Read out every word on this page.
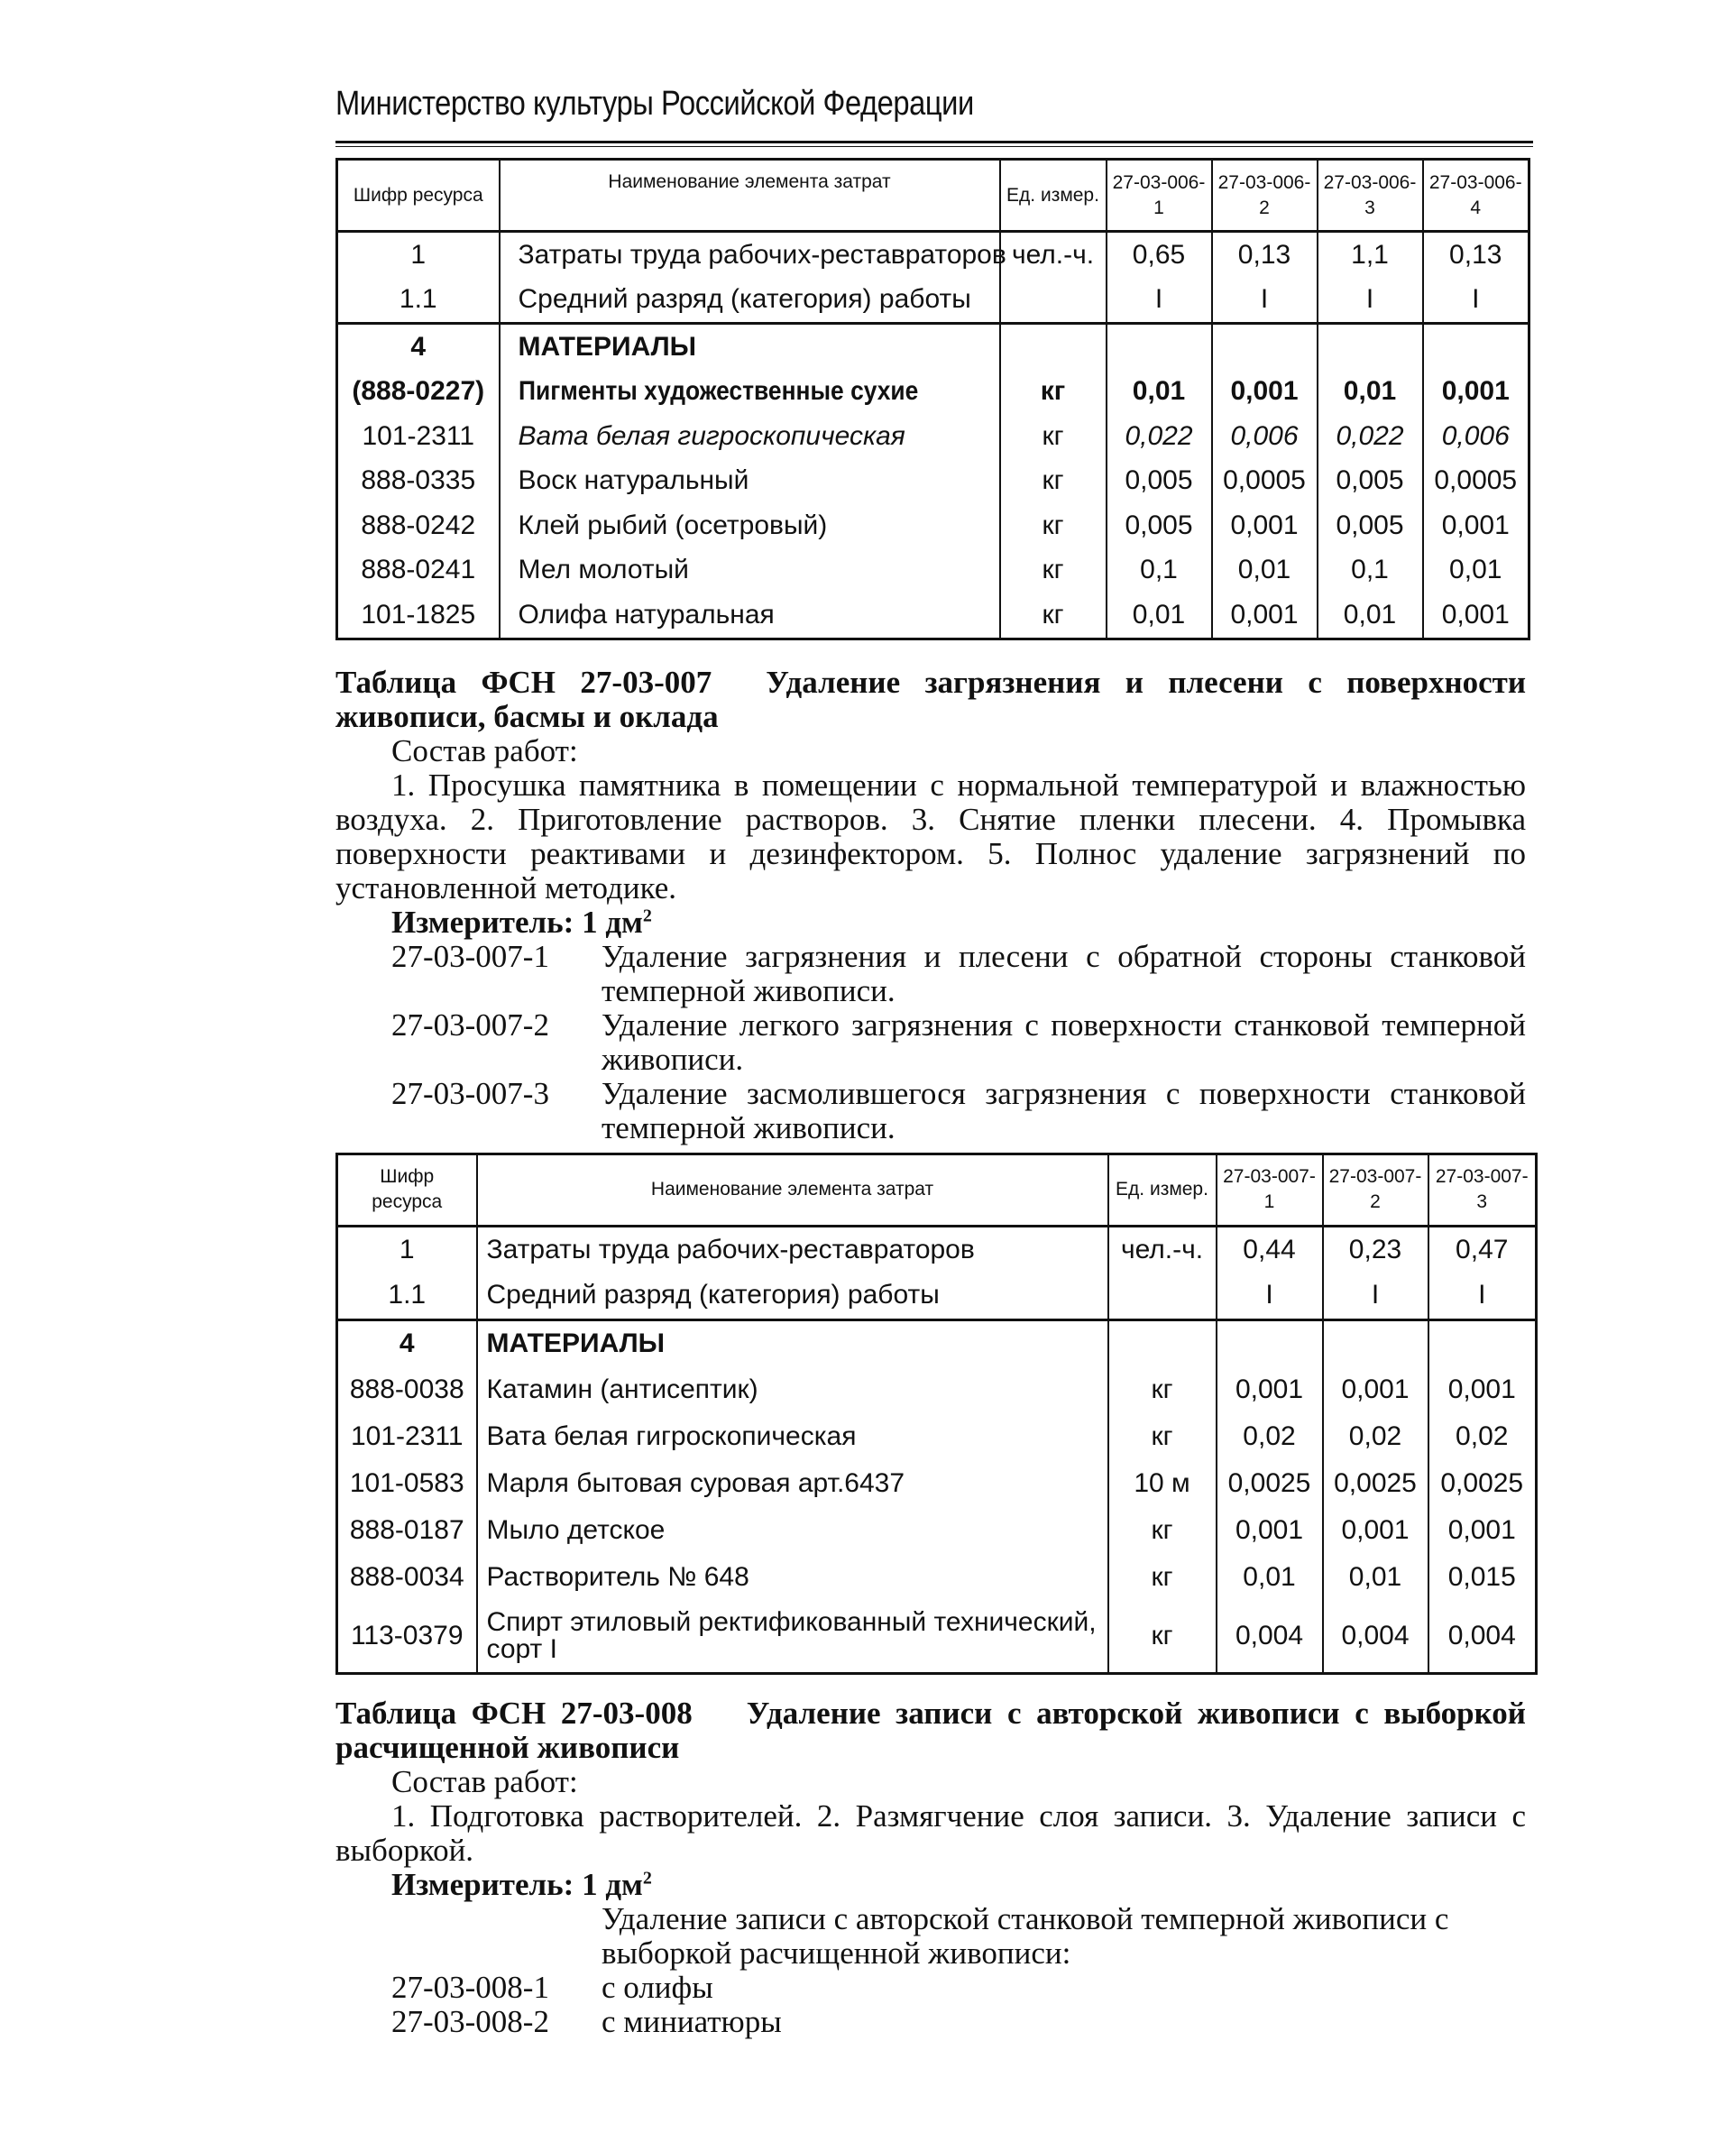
Министерство культуры Российской Федерации
Шифр ресурса	Наименование элемента затрат	Ед. измер.	27-03-006-1	27-03-006-2	27-03-006-3	27-03-006-4
1	Затраты труда рабочих-реставраторов	чел.-ч.	0,65	0,13	1,1	0,13
1.1	Средний разряд (категория) работы		I	I	I	I
4	МАТЕРИАЛЫ					
(888-0227)	Пигменты художественные сухие	кг	0,01	0,001	0,01	0,001
101-2311	Вата белая гигроскопическая	кг	0,022	0,006	0,022	0,006
888-0335	Воск натуральный	кг	0,005	0,0005	0,005	0,0005
888-0242	Клей рыбий (осетровый)	кг	0,005	0,001	0,005	0,001
888-0241	Мел молотый	кг	0,1	0,01	0,1	0,01
101-1825	Олифа натуральная	кг	0,01	0,001	0,01	0,001
Таблица ФСН 27-03-007 Удаление загрязнения и плесени с поверхности живописи, басмы и оклада
Состав работ:
1. Просушка памятника в помещении с нормальной температурой и влажностью воздуха. 2. Приготовление растворов. 3. Снятие пленки плесени. 4. Промывка поверхности реактивами и дезинфектором. 5. Полнос удаление загрязнений по установленной методике.
Измеритель: 1 $дм^2$
27-03-007-1	Удаление загрязнения и плесени с обратной стороны станковой темперной живописи.
27-03-007-2	Удаление легкого загрязнения с поверхности станковой темперной живописи.
27-03-007-3	Удаление засмолившегося загрязнения с поверхности станковой темперной живописи.
Шифр ресурса	Наименование элемента затрат	Ед. измер.	27-03-007-1	27-03-007-2	27-03-007-3
1	Затраты труда рабочих-реставраторов	чел.-ч.	0,44	0,23	0,47
1.1	Средний разряд (категория) работы		I	I	I
4	МАТЕРИАЛЫ				
888-0038	Катамин (антисептик)	кг	0,001	0,001	0,001
101-2311	Вата белая гигроскопическая	кг	0,02	0,02	0,02
101-0583	Марля бытовая суровая арт.6437	10 м	0,0025	0,0025	0,0025
888-0187	Мыло детское	кг	0,001	0,001	0,001
888-0034	Растворитель № 648	кг	0,01	0,01	0,015
113-0379	Спирт этиловый ректификованный технический, сорт I	кг	0,004	0,004	0,004
Таблица ФСН 27-03-008 Удаление записи с авторской живописи с выборкой расчищенной живописи
Состав работ:
1. Подготовка растворителей. 2. Размягчение слоя записи. 3. Удаление записи с выборкой.
Измеритель: 1 $дм^2$
Удаление записи с авторской станковой темперной живописи с выборкой расчищенной живописи:
27-03-008-1	с олифы
27-03-008-2	с миниатюры
